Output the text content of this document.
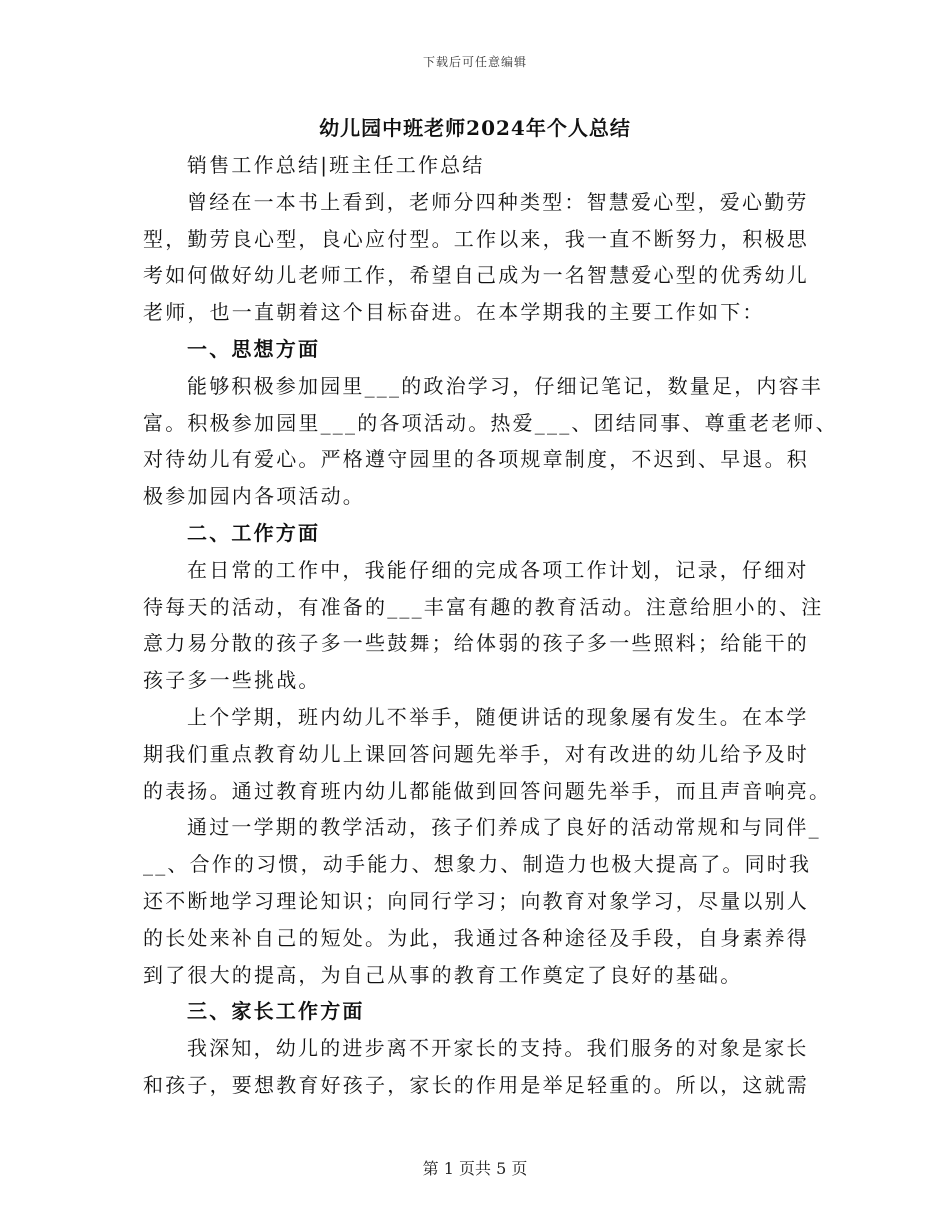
下载后可任意编辑
幼儿园中班老师2024年个人总结

销售工作总结|班主任工作总结

曾经在一本书上看到，老师分四种类型：智慧爱心型，爱心勤劳

型，勤劳良心型，良心应付型。工作以来，我一直不断努力，积极思

考如何做好幼儿老师工作，希望自己成为一名智慧爱心型的优秀幼儿

老师，也一直朝着这个目标奋进。在本学期我的主要工作如下：

一、思想方面

能够积极参加园里___的政治学习，仔细记笔记，数量足，内容丰

富。积极参加园里___的各项活动。热爱___、团结同事、尊重老老师、

对待幼儿有爱心。严格遵守园里的各项规章制度，不迟到、早退。积

极参加园内各项活动。

二、工作方面

在日常的工作中，我能仔细的完成各项工作计划，记录，仔细对

待每天的活动，有准备的___丰富有趣的教育活动。注意给胆小的、注

意力易分散的孩子多一些鼓舞；给体弱的孩子多一些照料；给能干的

孩子多一些挑战。

上个学期，班内幼儿不举手，随便讲话的现象屡有发生。在本学

期我们重点教育幼儿上课回答问题先举手，对有改进的幼儿给予及时

的表扬。通过教育班内幼儿都能做到回答问题先举手，而且声音响亮。

通过一学期的教学活动，孩子们养成了良好的活动常规和与同伴_

__、合作的习惯，动手能力、想象力、制造力也极大提高了。同时我

还不断地学习理论知识；向同行学习；向教育对象学习，尽量以别人

的长处来补自己的短处。为此，我通过各种途径及手段，自身素养得

到了很大的提高，为自己从事的教育工作奠定了良好的基础。

三、家长工作方面

我深知，幼儿的进步离不开家长的支持。我们服务的对象是家长

和孩子，要想教育好孩子，家长的作用是举足轻重的。所以，这就需

第 1 页共 5 页
